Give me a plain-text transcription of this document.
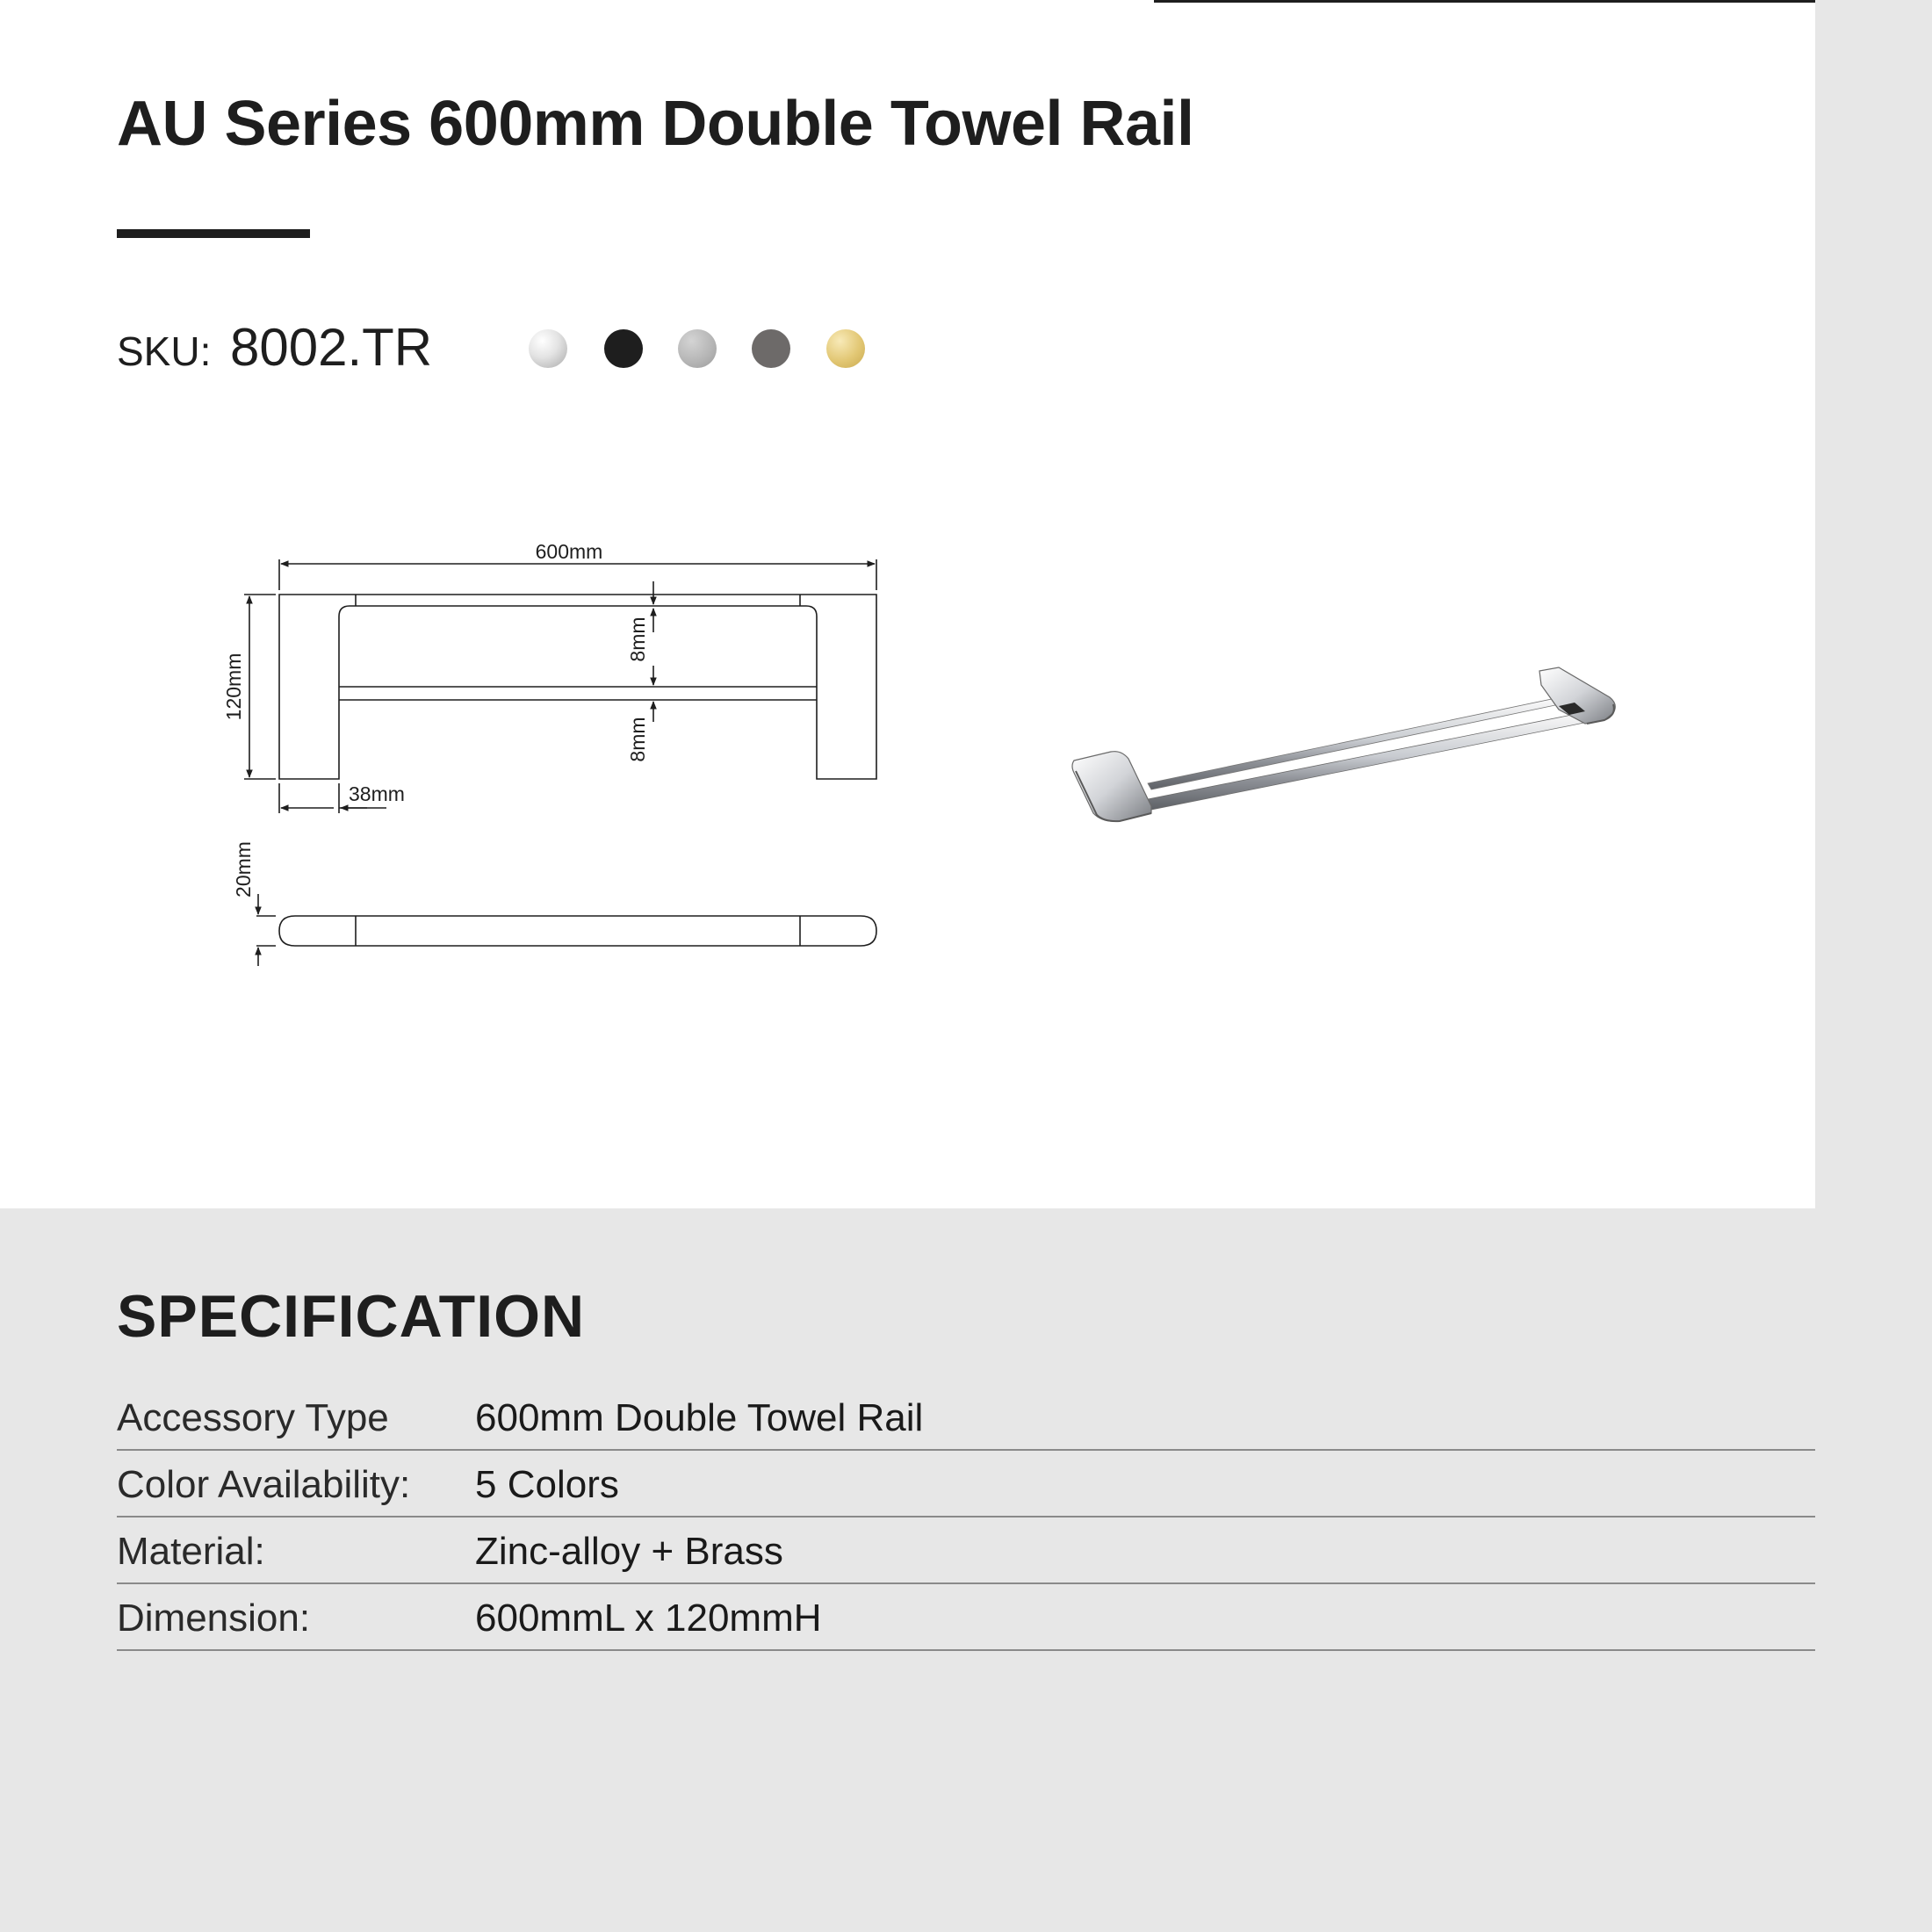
AU Series 600mm Double Towel Rail
SKU: 8002.TR
600mm
120mm
8mm
8mm
38mm
20mm
SPECIFICATION
Accessory Type 600mm Double Towel Rail
Color Availability: 5 Colors
Material:	Zinc-alloy + Brass
Dimension:	600mmL x 120mmH
